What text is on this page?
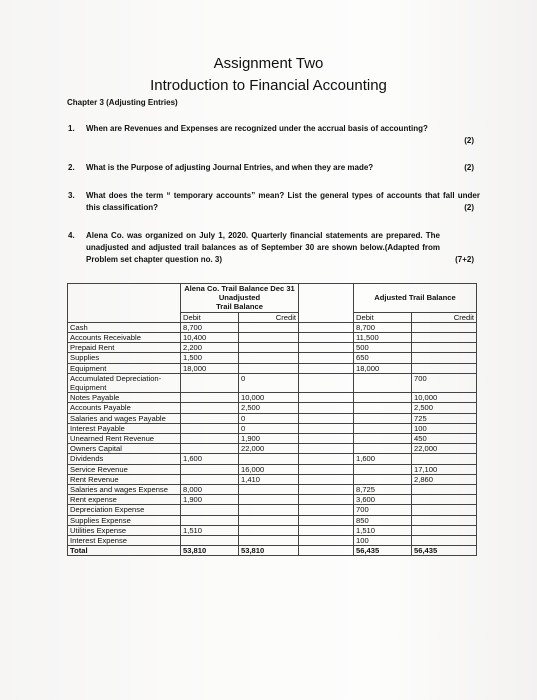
Assignment Two
Introduction to Financial Accounting
Chapter 3 (Adjusting Entries)
1. When are Revenues and Expenses are recognized under the accrual basis of accounting?
(2)
2. What is the Purpose of adjusting Journal Entries, and when they are made?	(2)
3. What does the term “ temporary accounts” mean? List the general types of accounts that fall under this classification?	(2)
4. Alena Co. was organized on July 1, 2020. Quarterly financial statements are prepared. The unadjusted and adjusted trail balances as of September 30 are shown below.(Adapted from Problem set chapter question no. 3)	(7+2)

	Alena Co. Trail Balance Dec 31
Unadjusted Trail Balance			Adjusted Trail Balance	
	Debit	Credit		Debit	Credit
Cash	8,700			8,700	
Accounts Receivable	10,400			11,500	
Prepaid Rent	2,200			500	
Supplies	1,500			650	
Equipment	18,000			18,000	
Accumulated Depreciation-Equipment		0			700
Notes Payable		10,000			10,000
Accounts Payable		2,500			2,500
Salaries and wages Payable		0			725
Interest Payable		0			100
Unearned Rent Revenue		1,900			450
Owners Capital		22,000			22,000
Dividends	1,600			1,600	
Service Revenue		16,000			17,100
Rent Revenue		1,410			2,860
Salaries and wages Expense	8,000			8,725	
Rent expense	1,900			3,600	
Depreciation Expense				700	
Supplies Expense				850	
Utilities Expense	1,510			1,510	
Interest Expense				100	
Total	53,810	53,810		56,435	56,435
